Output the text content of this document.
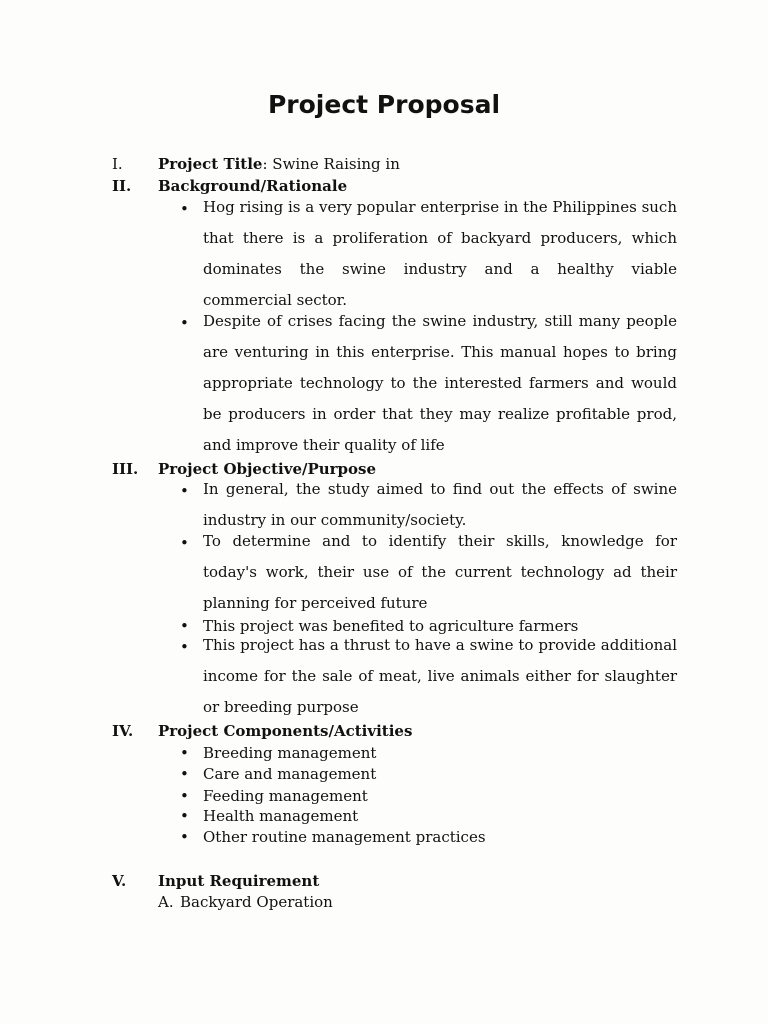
Project Proposal
I. Project Title: Swine Raising in
II. Background/Rationale
• Hog rising is a very popular enterprise in the Philippines such that there is a proliferation of backyard producers, which dominates the swine industry and a healthy viable commercial sector.
• Despite of crises facing the swine industry, still many people are venturing in this enterprise. This manual hopes to bring appropriate technology to the interested farmers and would be producers in order that they may realize profitable prod, and improve their quality of life
III. Project Objective/Purpose
• In general, the study aimed to find out the effects of swine industry in our community/society.
• To determine and to identify their skills, knowledge for today's work, their use of the current technology ad their planning for perceived future
• This project was benefited to agriculture farmers
• This project has a thrust to have a swine to provide additional income for the sale of meat, live animals either for slaughter or breeding purpose
IV. Project Components/Activities
• Breeding management
• Care and management
• Feeding management
• Health management
• Other routine management practices
V. Input Requirement
A. Backyard Operation
